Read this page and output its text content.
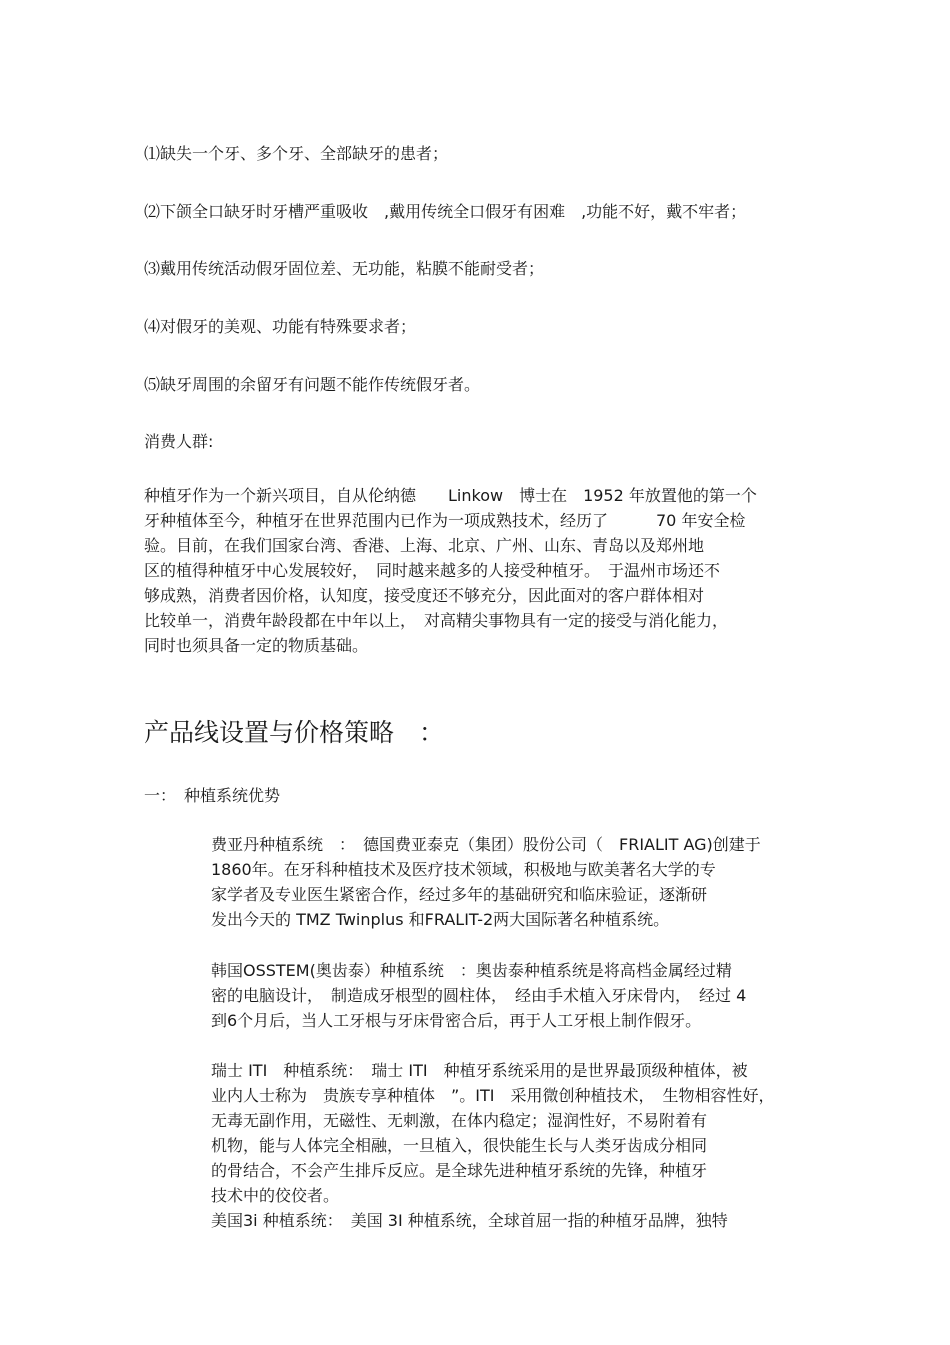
⑴缺失一个牙、多个牙、全部缺牙的患者；
⑵下颌全口缺牙时牙槽严重吸收　,戴用传统全口假牙有困难　,功能不好，戴不牢者；
⑶戴用传统活动假牙固位差、无功能，粘膜不能耐受者；
⑷对假牙的美观、功能有特殊要求者；
⑸缺牙周围的余留牙有问题不能作传统假牙者。
消费人群:
种植牙作为一个新兴项目，自从伦纳德　　Linkow　博士在　1952 年放置他的第一个
牙种植体至今，种植牙在世界范围内已作为一项成熟技术，经历了　　　70 年安全检
验。目前，在我们国家台湾、香港、上海、北京、广州、山东、青岛以及郑州地
区的植得种植牙中心发展较好，　同时越来越多的人接受种植牙。　于温州市场还不
够成熟，消费者因价格，认知度，接受度还不够充分，因此面对的客户群体相对
比较单一，消费年龄段都在中年以上，　对高精尖事物具有一定的接受与消化能力，
同时也须具备一定的物质基础。
产品线设置与价格策略　：
一：　种植系统优势
费亚丹种植系统　：　德国费亚泰克（集团）股份公司（　FRIALIT AG)创建于
1860年。在牙科种植技术及医疗技术领域，积极地与欧美著名大学的专
家学者及专业医生紧密合作，经过多年的基础研究和临床验证，逐渐研
发出今天的 TMZ Twinplus 和FRALIT-2两大国际著名种植系统。
韩国OSSTEM(奥齿泰）种植系统　：奥齿泰种植系统是将高档金属经过精
密的电脑设计，　制造成牙根型的圆柱体，　经由手术植入牙床骨内，　经过 4
到6个月后，当人工牙根与牙床骨密合后，再于人工牙根上制作假牙。
瑞士 ITI　种植系统：　瑞士 ITI　种植牙系统采用的是世界最顶级种植体，被
业内人士称为　贵族专享种植体　”。ITI　采用微创种植技术，　生物相容性好，
无毒无副作用，无磁性、无刺激，在体内稳定；湿润性好，不易附着有
机物，能与人体完全相融，一旦植入，很快能生长与人类牙齿成分相同
的骨结合，不会产生排斥反应。是全球先进种植牙系统的先锋，种植牙
技术中的佼佼者。
美国3i 种植系统：　美国 3I 种植系统，全球首屈一指的种植牙品牌，独特
